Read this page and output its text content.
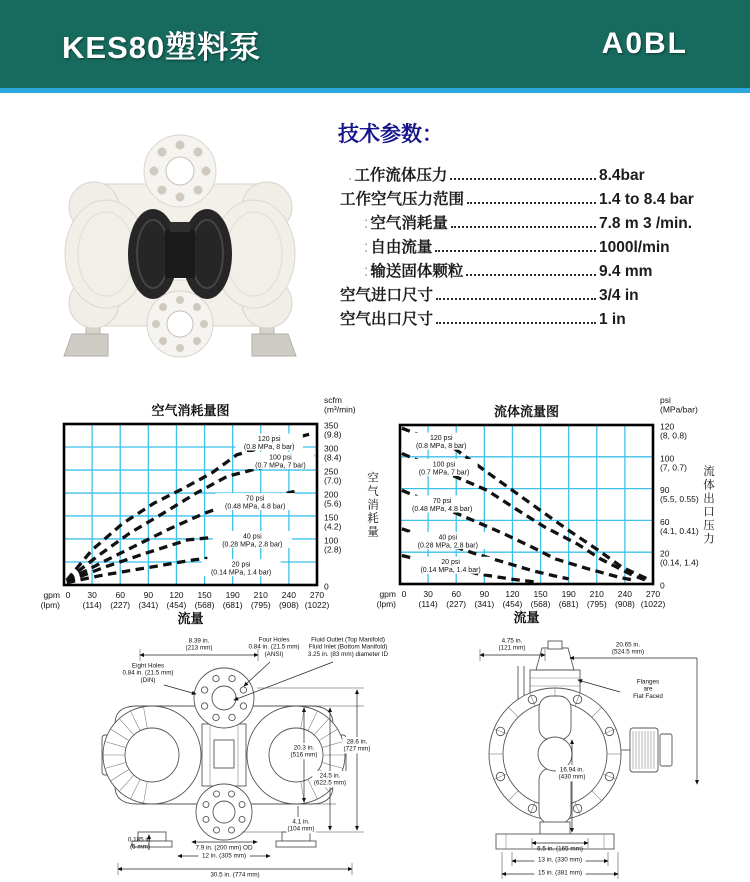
KES80塑料泵	A0BL
技术参数：
. 工作流体压力	8.4bar
工作空气压力范围	1.4 to 8.4 bar
: 空气消耗量	7.8 m 3 /min.
: 自由流量	1000l/min
: 输送固体颗粒	9.4 mm
空气进口尺寸	3/4 in
空气出口尺寸	1 in
120 psi
(0.8 MPa, 8 bar)
100 psi
(0.7 MPa, 7 bar)
70 psi
(0.48 MPa, 4.8 bar)
40 psi
(0.28 MPa, 2.8 bar)
20 psi
(0.14 MPa, 1.4 bar)
350
(9.8)
300
(8.4)
250
(7.0)
200
(5.6)
150
(4.2)
100
(2.8)
0
scfm
(m³/min)
空
气
消
耗
量
0 30
(114)
60
(227)
90
(341)
120
(454)
150
(568)
190
(681)
210
(795)
240
(908)
270
(1022)
gpm
(lpm)
空气消耗量图
流量
120 psi
(0.8 MPa, 8 bar)
100 psi
(0.7 MPa, 7 bar)
70 psi
(0.48 MPa, 4.8 bar)
40 psi
(0.28 MPa, 2.8 bar)
20 psi
(0.14 MPa, 1.4 bar)
120
(8, 0.8)
100
(7, 0.7)
90
(5.5, 0.55)
60
(4.1, 0.41)
20
(0.14, 1.4)
0
psi
(MPa/bar)
流
体
出
口
压
力
0 30
(114)
60
(227)
90
(341)
120
(454)
150
(568)
190
(681)
210
(795)
240
(908)
270
(1022)
gpm
(lpm)
流体流量图
流量
8.39 in.
(213 mm)
Four Holes
0.84 in. (21.5 mm)
(ANSI)
Fluid Outlet (Top Manifold)
Fluid Inlet (Bottom Manifold)
3.25 in. (83 mm) diameter ID
Eight Holes
0.84 in. (21.5 mm)
(DIN)
28.6 in.
(727 mm)
20.3 in.
(516 mm)
24.5 in.
(622.5 mm)
4.1 in.
(104 mm)
0.185 in.
(5 mm)	7.9 in. (200 mm) OD
12 in. (305 mm)
30.5 in. (774 mm)
4.75 in.
(121 mm)	20.65 in.
(524.5 mm)
Flanges
are
Flat Faced
16.94 in.
(430 mm)
6.5 in. (165 mm)
13 in. (330 mm)
15 in. (381 mm)
